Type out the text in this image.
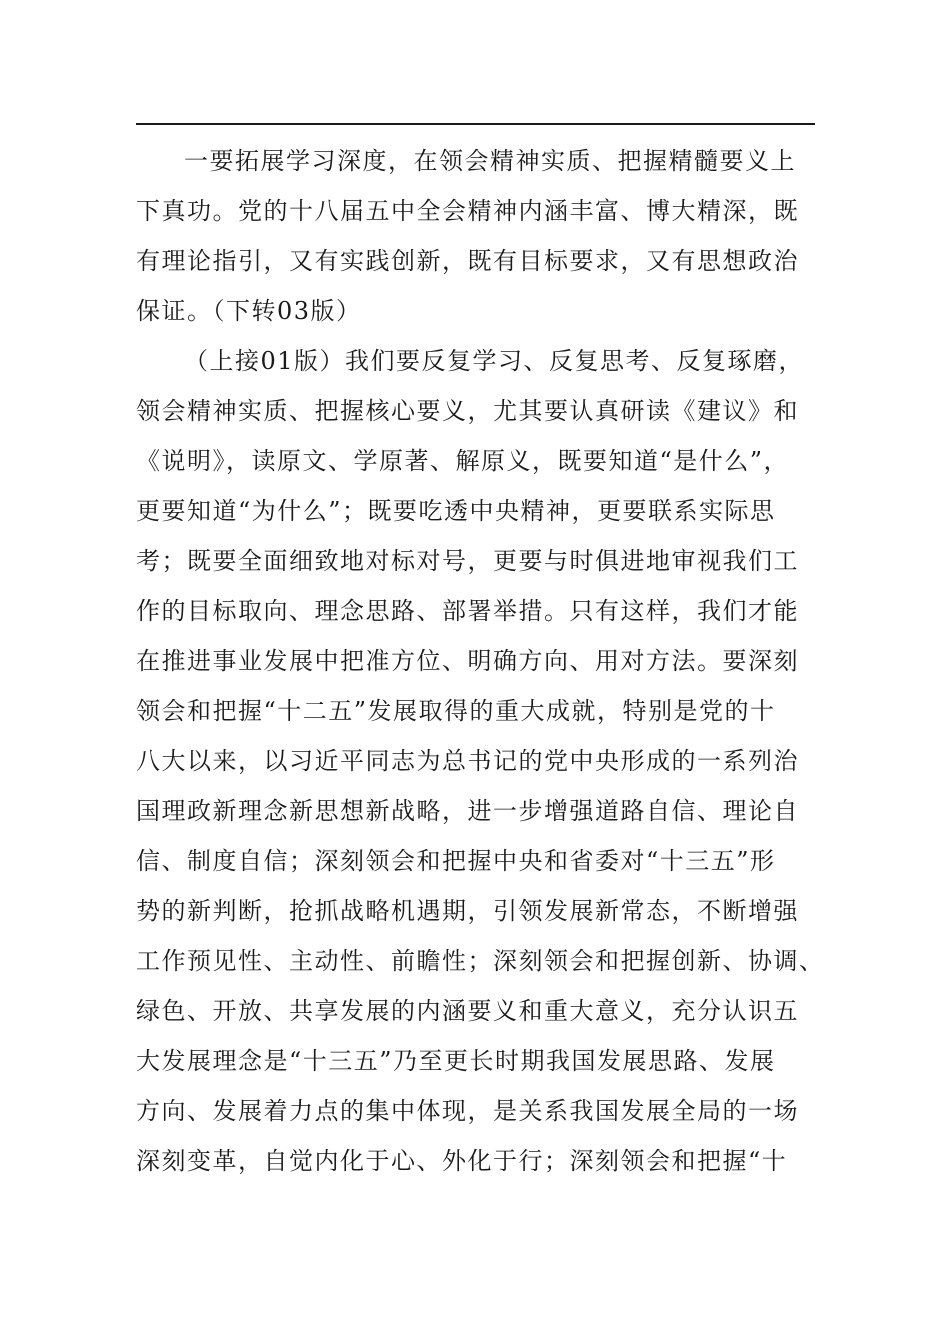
一要拓展学习深度，在领会精神实质、把握精髓要义上
下真功。党的十八届五中全会精神内涵丰富、博大精深，既
有理论指引，又有实践创新，既有目标要求，又有思想政治
保证。（下转03版）
（上接01版）我们要反复学习、反复思考、反复琢磨，
领会精神实质、把握核心要义，尤其要认真研读《建议》和
《说明》，读原文、学原著、解原义，既要知道“是什么”，
更要知道“为什么”；既要吃透中央精神，更要联系实际思
考；既要全面细致地对标对号，更要与时俱进地审视我们工
作的目标取向、理念思路、部署举措。只有这样，我们才能
在推进事业发展中把准方位、明确方向、用对方法。要深刻
领会和把握“十二五”发展取得的重大成就，特别是党的十
八大以来，以习近平同志为总书记的党中央形成的一系列治
国理政新理念新思想新战略，进一步增强道路自信、理论自
信、制度自信；深刻领会和把握中央和省委对“十三五”形
势的新判断，抢抓战略机遇期，引领发展新常态，不断增强
工作预见性、主动性、前瞻性；深刻领会和把握创新、协调、
绿色、开放、共享发展的内涵要义和重大意义，充分认识五
大发展理念是“十三五”乃至更长时期我国发展思路、发展
方向、发展着力点的集中体现，是关系我国发展全局的一场
深刻变革，自觉内化于心、外化于行；深刻领会和把握“十
